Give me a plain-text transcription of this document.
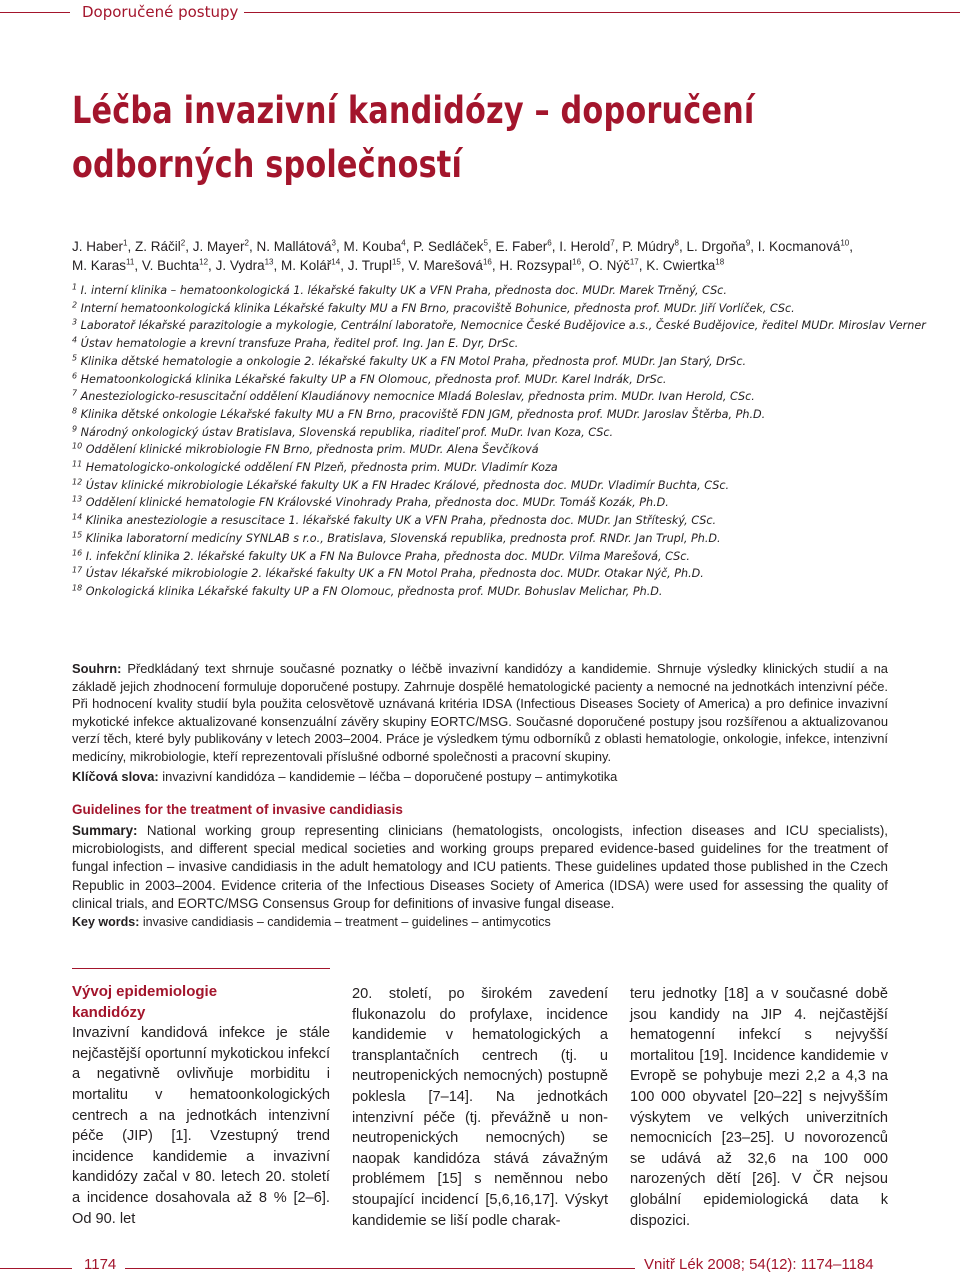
Doporučené postupy
Léčba invazivní kandidózy – doporučení
odborných společností
J. Haber$^1$, Z. Ráčil$^2$, J. Mayer$^2$, N. Mallátová$^3$, M. Kouba$^4$, P. Sedláček$^5$, E. Faber$^6$, I. Herold$^7$, P. Múdry$^8$, L. Drgoňa$^9$, I. Kocmanová$^{10}$,
M. Karas$^{11}$, V. Buchta$^{12}$, J. Vydra$^{13}$, M. Kolář$^{14}$, J. Trupl$^{15}$, V. Marešová$^{16}$, H. Rozsypal$^{16}$, O. Nýč$^{17}$, K. Cwiertka$^{18}$
$^1$ I. interní klinika – hematoonkologická 1. lékařské fakulty UK a VFN Praha, přednosta doc. MUDr. Marek Trněný, CSc.
$^2$ Interní hematoonkologická klinika Lékařské fakulty MU a FN Brno, pracoviště Bohunice, přednosta prof. MUDr. Jiří Vorlíček, CSc.
$^3$ Laboratoř lékařské parazitologie a mykologie, Centrální laboratoře, Nemocnice České Budějovice a.s., České Budějovice, ředitel MUDr. Miroslav Verner
$^4$ Ústav hematologie a krevní transfuze Praha, ředitel prof. Ing. Jan E. Dyr, DrSc.
$^5$ Klinika dětské hematologie a onkologie 2. lékařské fakulty UK a FN Motol Praha, přednosta prof. MUDr. Jan Starý, DrSc.
$^6$ Hematoonkologická klinika Lékařské fakulty UP a FN Olomouc, přednosta prof. MUDr. Karel Indrák, DrSc.
$^7$ Anesteziologicko-resuscitační oddělení Klaudiánovy nemocnice Mladá Boleslav, přednosta prim. MUDr. Ivan Herold, CSc.
$^8$ Klinika dětské onkologie Lékařské fakulty MU a FN Brno, pracoviště FDN JGM, přednosta prof. MUDr. Jaroslav Štěrba, Ph.D.
$^9$ Národný onkologický ústav Bratislava, Slovenská republika, riaditeľ prof. MuDr. Ivan Koza, CSc.
$^{10}$ Oddělení klinické mikrobiologie FN Brno, přednosta prim. MUDr. Alena Ševčíková
$^{11}$ Hematologicko-onkologické oddělení FN Plzeň, přednosta prim. MUDr. Vladimír Koza
$^{12}$ Ústav klinické mikrobiologie Lékařské fakulty UK a FN Hradec Králové, přednosta doc. MUDr. Vladimír Buchta, CSc.
$^{13}$ Oddělení klinické hematologie FN Královské Vinohrady Praha, přednosta doc. MUDr. Tomáš Kozák, Ph.D.
$^{14}$ Klinika anesteziologie a resuscitace 1. lékařské fakulty UK a VFN Praha, přednosta doc. MUDr. Jan Stříteský, CSc.
$^{15}$ Klinika laboratorní medicíny SYNLAB s r.o., Bratislava, Slovenská republika, prednosta prof. RNDr. Jan Trupl, Ph.D.
$^{16}$ I. infekční klinika 2. lékařské fakulty UK a FN Na Bulovce Praha, přednosta doc. MUDr. Vilma Marešová, CSc.
$^{17}$ Ústav lékařské mikrobiologie 2. lékařské fakulty UK a FN Motol Praha, přednosta doc. MUDr. Otakar Nýč, Ph.D.
$^{18}$ Onkologická klinika Lékařské fakulty UP a FN Olomouc, přednosta prof. MUDr. Bohuslav Melichar, Ph.D.

Souhrn: Předkládaný text shrnuje současné poznatky o léčbě invazivní kandidózy a kandidemie. Shrnuje výsledky klinických studií a na základě jejich zhodnocení formuluje doporučené postupy. Zahrnuje dospělé hematologické pacienty a nemocné na jednotkách intenzivní péče. Při hodnocení kvality studií byla použita celosvětově uznávaná kritéria IDSA (Infectious Diseases Society of America) a pro definice invazivní mykotické infekce aktualizované konsenzuální závěry skupiny EORTC/MSG. Současné doporučené postupy jsou rozšířenou a aktualizovanou verzí těch, které byly publikovány v letech 2003–2004. Práce je výsledkem týmu odborníků z oblasti hematologie, onkologie, infekce, intenzivní medicíny, mikrobiologie, kteří reprezentovali příslušné odborné společnosti a pracovní skupiny.

Klíčová slova: invazivní kandidóza – kandidemie – léčba – doporučené postupy – antimykotika

Guidelines for the treatment of invasive candidiasis

Summary: National working group representing clinicians (hematologists, oncologists, infection diseases and ICU specialists), microbiologists, and different special medical societies and working groups prepared evidence-based guidelines for the treatment of fungal infection – invasive candidiasis in the adult hematology and ICU patients. These guidelines updated those published in the Czech Republic in 2003–2004. Evidence criteria of the Infectious Diseases Society of America (IDSA) were used for assessing the quality of clinical trials, and EORTC/MSG Consensus Group for definitions of invasive fungal disease.

Key words: invasive candidiasis – candidemia – treatment – guidelines – antimycotics
Vývoj epidemiologie
kandidózy

Invazivní kandidová infekce je stále nejčastější oportunní mykotickou infekcí a negativně ovlivňuje morbiditu i mortalitu v hematoonkologických centrech a na jednotkách intenzivní péče (JIP) [1]. Vzestupný trend incidence kandidemie a invazivní kandidózy začal v 80. letech 20. století a incidence dosahovala až 8 % [2–6]. Od 90. let

20. století, po širokém zavedení flukonazolu do profylaxe, incidence kandidemie v hematologických a transplantačních centrech (tj. u neutropenických nemocných) postupně poklesla [7–14]. Na jednotkách intenzivní péče (tj. převážně u non-neutropenických nemocných) se naopak kandidóza stává závažným problémem [15] s neměnnou nebo stoupající incidencí [5,6,16,17]. Výskyt kandidemie se liší podle charak-

teru jednotky [18] a v současné době jsou kandidy na JIP 4. nejčastější hematogenní infekcí s nejvyšší mortalitou [19]. Incidence kandidemie v Evropě se pohybuje mezi 2,2 a 4,3 na 100 000 obyvatel [20–22] s nejvyšším výskytem ve velkých univerzitních nemocnicích [23–25]. U novorozenců se udává až 32,6 na 100 000 narozených dětí [26]. V ČR nejsou globální epidemiologická data k dispozici.

1174	Vnitř Lék 2008; 54(12): 1174–1184
